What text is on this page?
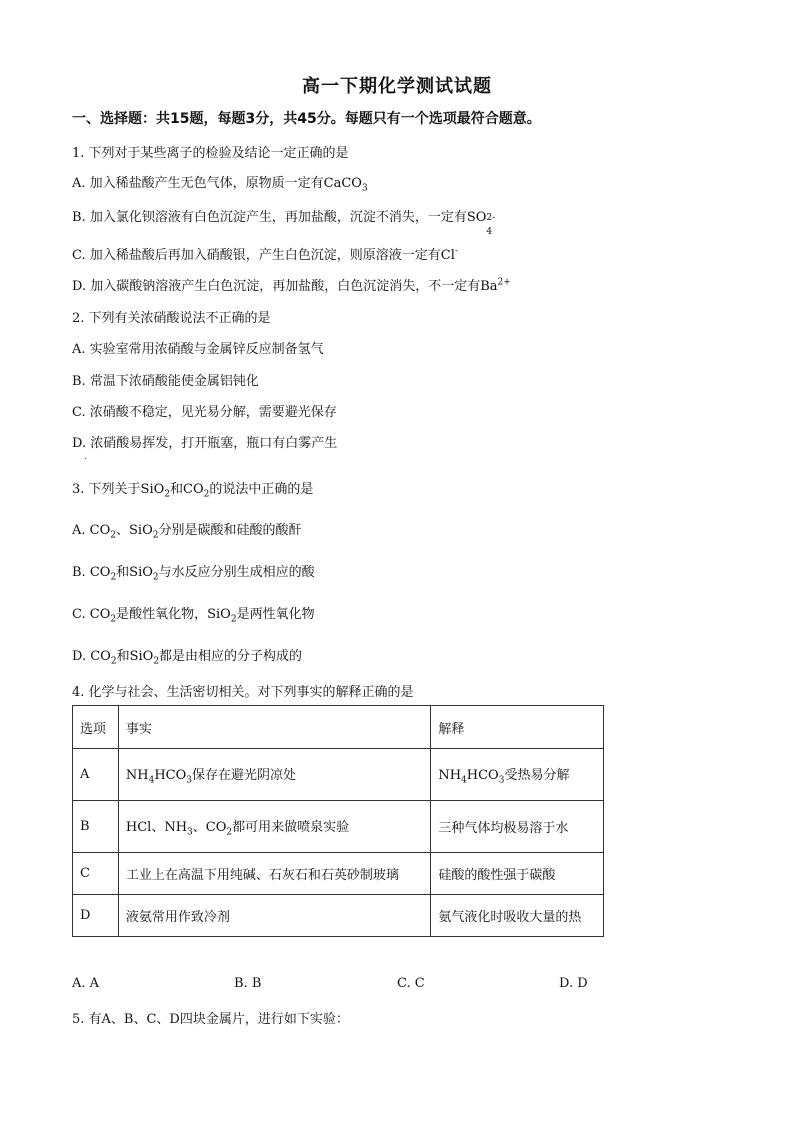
高一下期化学测试试题
一、选择题：共15题，每题3分，共45分。每题只有一个选项最符合题意。
1. 下列对于某些离子的检验及结论一定正确的是
A. 加入稀盐酸产生无色气体，原物质一定有CaCO$_3$
B. 加入氯化钡溶液有白色沉淀产生，再加盐酸，沉淀不消失，一定有SO 2-
4
C. 加入稀盐酸后再加入硝酸银，产生白色沉淀，则原溶液一定有Cl-
D. 加入碳酸钠溶液产生白色沉淀，再加盐酸，白色沉淀消失，不一定有$Ba^{2+}$
2. 下列有关浓硝酸说法不正确的是
A. 实验室常用浓硝酸与金属锌反应制备氢气
B. 常温下浓硝酸能使金属铝钝化
C. 浓硝酸不稳定，见光易分解，需要避光保存
D. 浓硝酸易挥发，打开瓶塞，瓶口有白雾产生
.
3. 下列关于SiO$_2$和$CO_2$的说法中正确的是
A. $CO_2$、SiO$_2$分别是碳酸和硅酸的酸酐
B. $CO_2$和SiO$_2$与水反应分别生成相应的酸
C. $CO_2$是酸性氧化物，SiO$_2$是两性氧化物
D. $CO_2$和SiO$_2$都是由相应的分子构成的
4. 化学与社会、生活密切相关。对下列事实的解释正确的是
选项	事实	解释
A	$NH_4HCO_3$保存在避光阴凉处	$NH_4HCO_3$受热易分解
B	HCl、$NH_3$、$CO_2$都可用来做喷泉实验	三种气体均极易溶于水
C	工业上在高温下用纯碱、石灰石和石英砂制玻璃	硅酸的酸性强于碳酸
D	液氨常用作致冷剂	氨气液化时吸收大量的热
A. A	B. B	C. C	D. D
5. 有A、B、C、D四块金属片，进行如下实验：
